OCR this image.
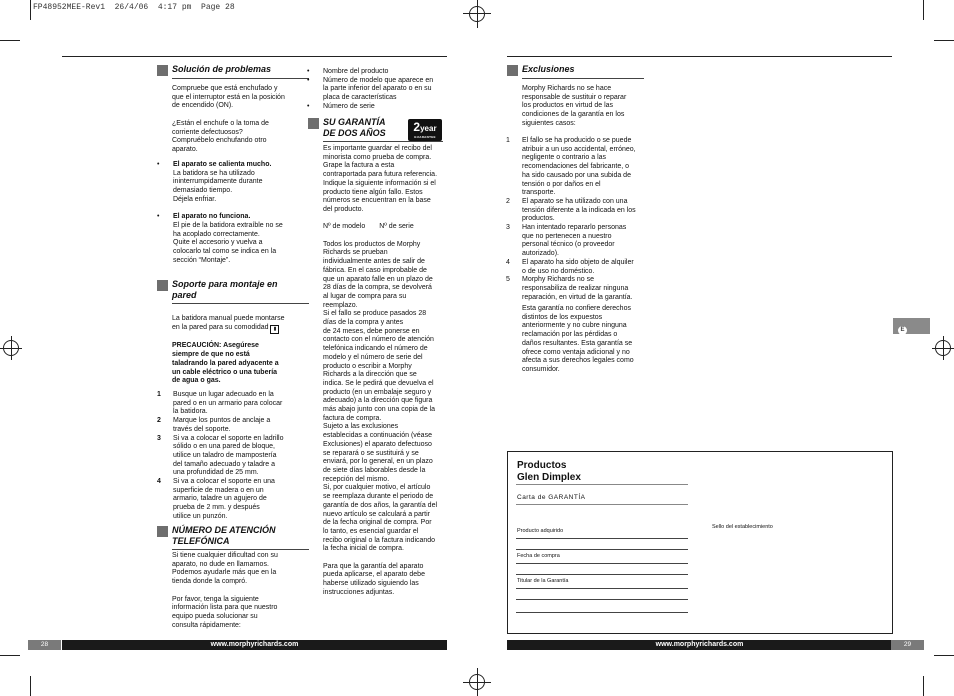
FP48952MEE-Rev1  26/4/06  4:17 pm  Page 28
Solución de problemas

Compruebe que está enchufado y

que el interruptor está en la posición

de encendido (ON).

¿Están el enchufe o la toma de

corriente defectuosos?

Compruébelo enchufando otro

aparato.

•	El aparato se calienta mucho.

La batidora se ha utilizado

ininterrumpidamente durante

demasiado tiempo.

Déjela enfriar.

•	El aparato no funciona.

El pie de la batidora extraíble no se

ha acoplado correctamente.

Quite el accesorio y vuelva a

colocarlo tal como se indica en la

sección “Montaje”.

Soporte para montaje en
pared

La batidora manual puede montarse

en la pared para su comodidad ▮

PRECAUCIÓN: Asegúrese

siempre de que no está

taladrando la pared adyacente a

un cable eléctrico o una tubería

de agua o gas.

1	Busque un lugar adecuado en la

pared o en un armario para colocar

la batidora.

2	Marque los puntos de anclaje a

través del soporte.

3	Si va a colocar el soporte en ladrillo

sólido o en una pared de bloque,

utilice un taladro de mampostería

del tamaño adecuado y taladre a

una profundidad de 25 mm.

4	Si va a colocar el soporte en una

superficie de madera o en un

armario, taladre un agujero de

prueba de 2 mm. y después

utilice un punzón.

NÚMERO DE ATENCIÓN
TELEFÓNICA

Si tiene cualquier dificultad con su

aparato, no dude en llamarnos.

Podemos ayudarle más que en la

tienda donde la compró.

Por favor, tenga la siguiente

información lista para que nuestro

equipo pueda solucionar su

consulta rápidamente:

•	Nombre del producto

•	Número de modelo que aparece en

la parte inferior del aparato o en su

placa de características

•	Número de serie

SU GARANTÍA
DE DOS AÑOS 2 year
GUARANTEE

Es importante guardar el recibo del

minorista como prueba de compra.

Grape la factura a esta

contraportada para futura referencia.

Indique la siguiente información si el

producto tiene algún fallo. Estos

números se encuentran en la base

del producto.

Nº de modelo Nº de serie

Todos los productos de Morphy

Richards se prueban

individualmente antes de salir de

fábrica. En el caso improbable de

que un aparato falle en un plazo de

28 días de la compra, se devolverá

al lugar de compra para su

reemplazo.

Si el fallo se produce pasados 28

días de la compra y antes

de 24 meses, debe ponerse en

contacto con el número de atención

telefónica indicando el número de

modelo y el número de serie del

producto o escribir a Morphy

Richards a la dirección que se

indica. Se le pedirá que devuelva el

producto (en un embalaje seguro y

adecuado) a la dirección que figura

más abajo junto con una copia de la

factura de compra.

Sujeto a las exclusiones

establecidas a continuación (véase

Exclusiones) el aparato defectuoso

se reparará o se sustituirá y se

enviará, por lo general, en un plazo

de siete días laborables desde la

recepción del mismo.

Si, por cualquier motivo, el artículo

se reemplaza durante el periodo de

garantía de dos años, la garantía del

nuevo artículo se calculará a partir

de la fecha original de compra. Por

lo tanto, es esencial guardar el

recibo original o la factura indicando

la fecha inicial de compra.

Para que la garantía del aparato

pueda aplicarse, el aparato debe

haberse utilizado siguiendo las

instrucciones adjuntas.

28	www.morphyrichards.com
Exclusiones

Morphy Richards no se hace

responsable de sustituir o reparar

los productos en virtud de las

condiciones de la garantía en los

siguientes casos:

1	El fallo se ha producido o se puede

atribuir a un uso accidental, erróneo,

negligente o contrario a las

recomendaciones del fabricante, o

ha sido causado por una subida de

tensión o por daños en el

transporte.

2	El aparato se ha utilizado con una

tensión diferente a la indicada en los

productos.

3	Han intentado repararlo personas

que no pertenecen a nuestro

personal técnico (o proveedor

autorizado).

4	El aparato ha sido objeto de alquiler

o de uso no doméstico.

5	Morphy Richards no se

responsabiliza de realizar ninguna

reparación, en virtud de la garantía.

Esta garantía no confiere derechos

distintos de los expuestos

anteriormente y no cubre ninguna

reclamación por las pérdidas o

daños resultantes. Esta garantía se

ofrece como ventaja adicional y no

afecta a sus derechos legales como

consumidor.

E
Productos
Glen Dimplex
Carta de GARANTÍA
Producto adquirido
Fecha de compra
Titular de la Garantía
Sello del establecimiento
www.morphyrichards.com	29
